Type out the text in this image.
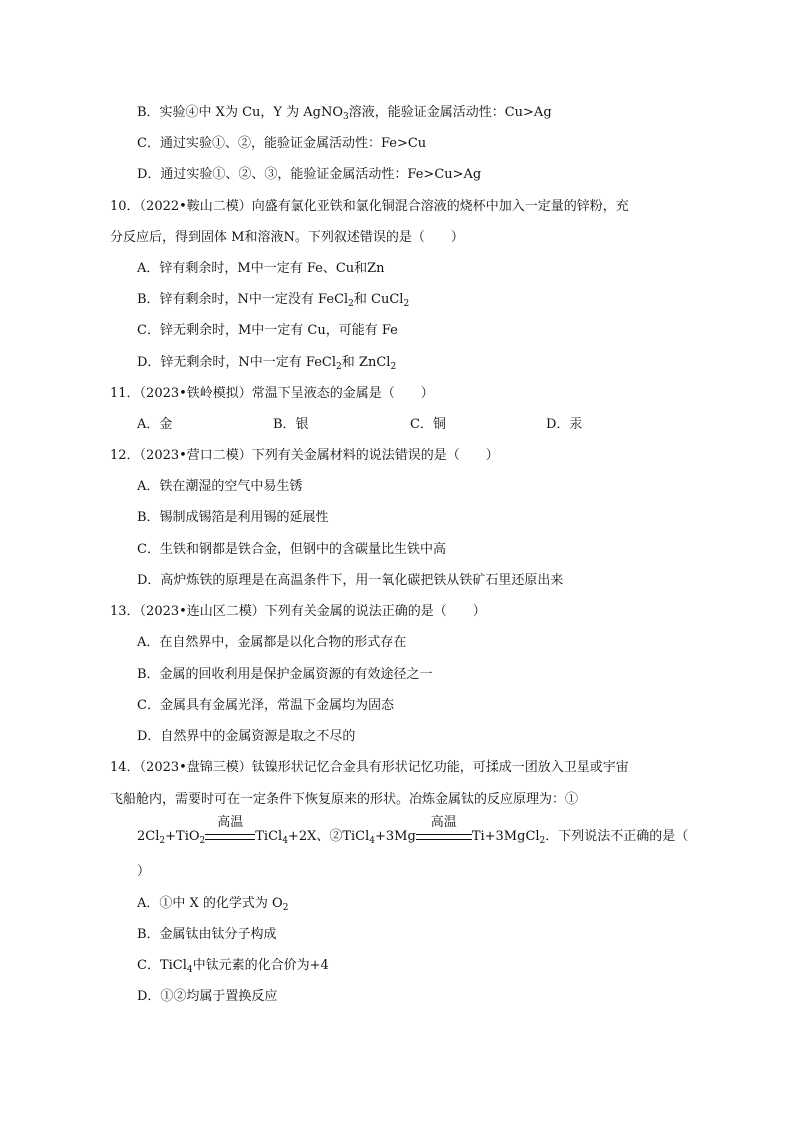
B．实验④中 X为 Cu，Y 为 AgNO$_3$溶液，能验证金属活动性：Cu>Ag
C．通过实验①、②，能验证金属活动性：Fe>Cu
D．通过实验①、②、③，能验证金属活动性：Fe>Cu>Ag
10．（2022•鞍山二模）向盛有氯化亚铁和氯化铜混合溶液的烧杯中加入一定量的锌粉，充
分反应后，得到固体 M和溶液N。下列叙述错误的是（　　）
A．锌有剩余时，M中一定有 Fe、Cu和Zn
B．锌有剩余时，N中一定没有 FeCl$_2$和 CuCl$_2$
C．锌无剩余时，M中一定有 Cu，可能有 Fe
D．锌无剩余时，N中一定有 FeCl$_2$和 ZnCl$_2$
11．（2023•铁岭模拟）常温下呈液态的金属是（　　）
A．金	B．银	C．铜	D．汞
12．（2023•营口二模）下列有关金属材料的说法错误的是（　　）
A．铁在潮湿的空气中易生锈
B．锡制成锡箔是利用锡的延展性
C．生铁和钢都是铁合金，但钢中的含碳量比生铁中高
D．高炉炼铁的原理是在高温条件下，用一氧化碳把铁从铁矿石里还原出来
13．（2023•连山区二模）下列有关金属的说法正确的是（　　）
A．在自然界中，金属都是以化合物的形式存在
B．金属的回收利用是保护金属资源的有效途径之一
C．金属具有金属光泽，常温下金属均为固态
D．自然界中的金属资源是取之不尽的
14．（2023•盘锦三模）钛镍形状记忆合金具有形状记忆功能，可揉成一团放入卫星或宇宙
飞船舱内，需要时可在一定条件下恢复原来的形状。冶炼金属钛的反应原理为：①
$2Cl_2+TiO_2$
高温
TiCl$_4$+2X、②TiCl$_4$+3Mg
高温
Ti+3MgCl$_2$．下列说法不正确的是（
）
A．①中 X 的化学式为 $O_2$
B．金属钛由钛分子构成
C．TiCl$_4$中钛元素的化合价为+4
D．①②均属于置换反应
